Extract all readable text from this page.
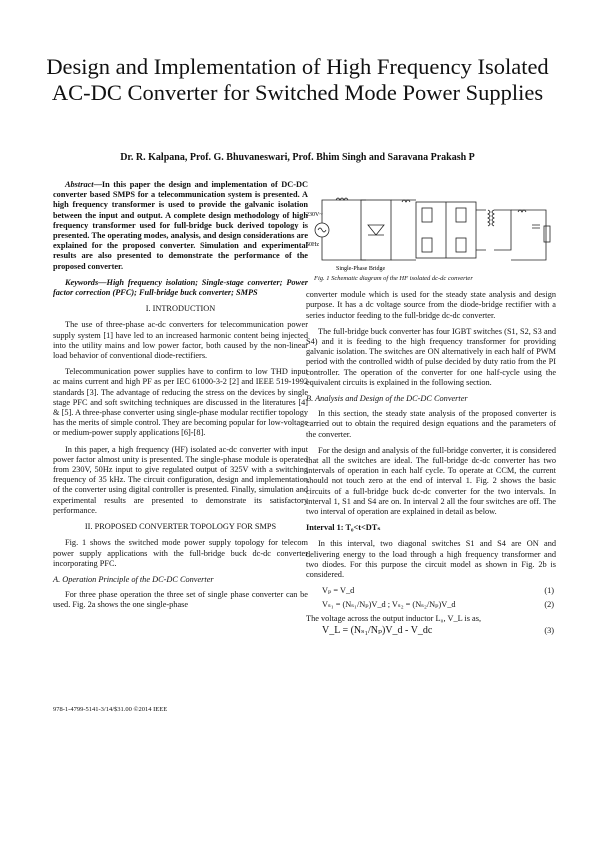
Design and Implementation of High Frequency Isolated AC-DC Converter for Switched Mode Power Supplies
Dr. R. Kalpana, Prof. G. Bhuvaneswari, Prof. Bhim Singh and Saravana Prakash P

Abstract—In this paper the design and implementation of DC-DC converter based SMPS for a telecommunication system is presented. A high frequency transformer is used to provide the galvanic isolation between the input and output. A complete design methodology of high frequency transformer used for full-bridge buck derived topology is presented. The operating modes, analysis, and design considerations are explained for the proposed converter. Simulation and experimental results are also presented to demonstrate the performance of the proposed converter.

Keywords—High frequency isolation; Single-stage converter; Power factor correction (PFC); Full-bridge buck converter; SMPS

I. INTRODUCTION

The use of three-phase ac-dc converters for telecommunication power supply system [1] have led to an increased harmonic content being injected into the utility mains and low power factor, both caused by the non-linear load behavior of conventional diode-rectifiers.

Telecommunication power supplies have to confirm to low THD input ac mains current and high PF as per IEC 61000-3-2 [2] and IEEE 519-1992 standards [3]. The advantage of reducing the stress on the devices by single stage PFC and soft switching techniques are discussed in the literatures [4] & [5]. A three-phase converter using single-phase modular rectifier topology has the merits of simple control. They are becoming popular for low-voltage or medium-power supply applications [6]-[8].

In this paper, a high frequency (HF) isolated ac-dc converter with input power factor almost unity is presented. The single-phase module is operated from 230V, 50Hz input to give regulated output of 325V with a switching frequency of 35 kHz. The circuit configuration, design and implementation of the converter using digital controller is presented. Finally, simulation and experimental results are presented to demonstrate its satisfactory performance.

II. PROPOSED CONVERTER TOPOLOGY FOR SMPS

Fig. 1 shows the switched mode power supply topology for telecom power supply applications with the full-bridge buck dc-dc converter incorporating PFC.

A. Operation Principle of the DC-DC Converter

For three phase operation the three set of single phase converter can be used. Fig. 2a shows the one single-phase

978-1-4799-5141-3/14/$31.00 ©2014 IEEE
230V~
50Hz
Single-Phase Bridge
Fig. 1 Schematic diagram of the HF isolated dc-dc converter

converter module which is used for the steady state analysis and design purpose. It has a dc voltage source from the diode-bridge rectifier with a series inductor feeding to the full-bridge dc-dc converter.

The full-bridge buck converter has four IGBT switches (S1, S2, S3 and S4) and it is feeding to the high frequency transformer for providing galvanic isolation. The switches are ON alternatively in each half of PWM period with the controlled width of pulse decided by duty ratio from the PI controller. The operation of the converter for one half-cycle using the equivalent circuits is explained in the following section.

B. Analysis and Design of the DC-DC Converter

In this section, the steady state analysis of the proposed converter is carried out to obtain the required design equations and the parameters of the converter.

For the design and analysis of the full-bridge converter, it is considered that all the switches are ideal. The full-bridge dc-dc converter has two intervals of operation in each half cycle. To operate at CCM, the current should not touch zero at the end of interval 1. Fig. 2 shows the basic circuits of a full-bridge buck dc-dc converter for the two intervals. In interval 1, S1 and S4 are on. In interval 2 all the four switches are off. The two interval of operation are explained in detail as below.

Interval 1: T₀<t<DTₛ

In this interval, two diagonal switches S1 and S4 are ON and delivering energy to the load through a high frequency transformer and two diodes. For this purpose the circuit model as shown in Fig. 2b is considered.

Vₚ = V_d	(1)
Vₛ₁ = (Nₛ₁/Nₚ)V_d ; Vₛ₂ = (Nₛ₂/Nₚ)V_d	(2)
The voltage across the output inductor L₀, V_L is as,
V_L = (Nₛ₁/Nₚ)V_d - V_dc	(3)
